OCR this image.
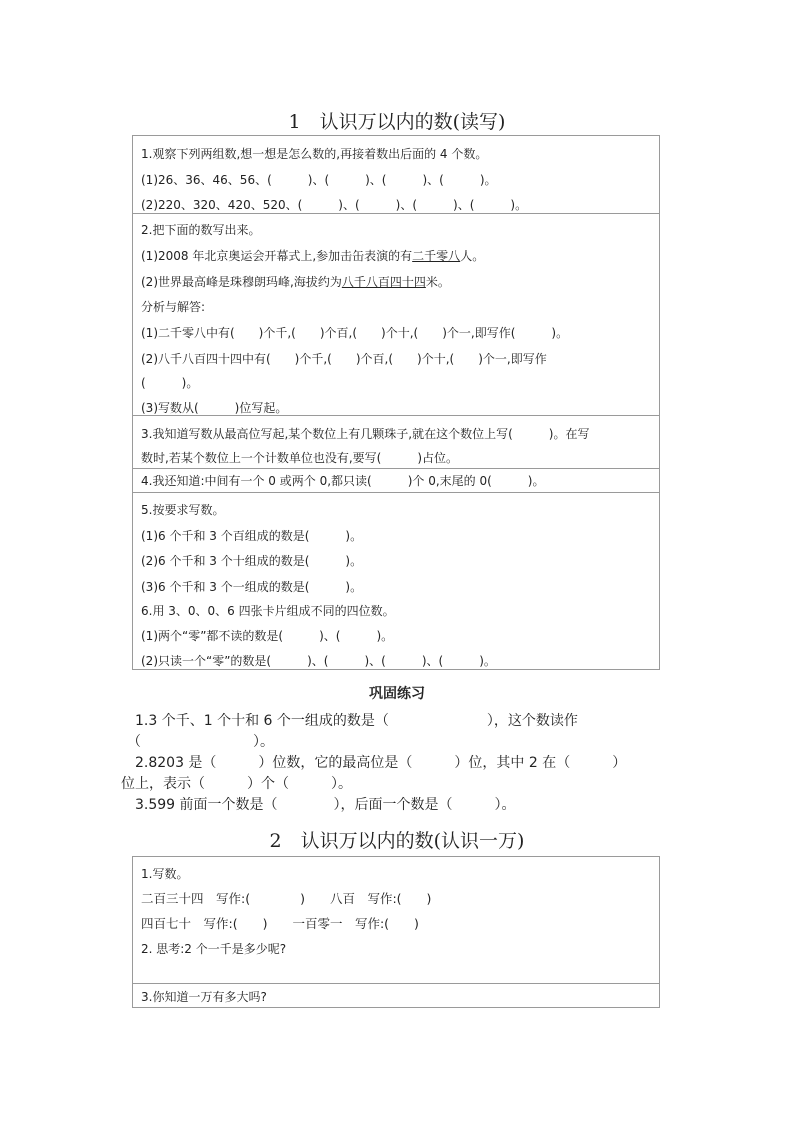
1　认识万以内的数(读写)
1.观察下列两组数,想一想是怎么数的,再接着数出后面的 4 个数。
(1)26、36、46、56、(　　　)、(　　　)、(　　　)、(　　　)。
(2)220、320、420、520、(　　　)、(　　　)、(　　　)、(　　　)。
2.把下面的数写出来。
(1)2008 年北京奥运会开幕式上,参加击缶表演的有二千零八人。
(2)世界最高峰是珠穆朗玛峰,海拔约为八千八百四十四米。
分析与解答:
(1)二千零八中有(　　)个千,(　　)个百,(　　)个十,(　　)个一,即写作(　　　)。
(2)八千八百四十四中有(　　)个千,(　　)个百,(　　)个十,(　　)个一,即写作
(　　　)。
(3)写数从(　　　)位写起。
3.我知道写数从最高位写起,某个数位上有几颗珠子,就在这个数位上写(　　　)。在写
数时,若某个数位上一个计数单位也没有,要写(　　　)占位。
4.我还知道:中间有一个 0 或两个 0,都只读(　　　)个 0,末尾的 0(　　　)。
5.按要求写数。
(1)6 个千和 3 个百组成的数是(　　　)。
(2)6 个千和 3 个十组成的数是(　　　)。
(3)6 个千和 3 个一组成的数是(　　　)。
6.用 3、0、0、6 四张卡片组成不同的四位数。
(1)两个“零”都不读的数是(　　　)、(　　　)。
(2)只读一个“零”的数是(　　　)、(　　　)、(　　　)、(　　　)。
巩固练习
1.3 个千、1 个十和 6 个一组成的数是（　　　　　　　），这个数读作
（　　　　　　　　）。
2.8203 是（　　　）位数，它的最高位是（　　　）位，其中 2 在（　　　）
位上，表示（　　　）个（　　　）。
3.599 前面一个数是（　　　　），后面一个数是（　　　）。
2　认识万以内的数(认识一万)
1.写数。
二百三十四　写作:(　　　　)　　八百　写作:(　　)
四百七十　写作:(　　)　　一百零一　写作:(　　)
2. 思考:2 个一千是多少呢?
3.你知道一万有多大吗?
